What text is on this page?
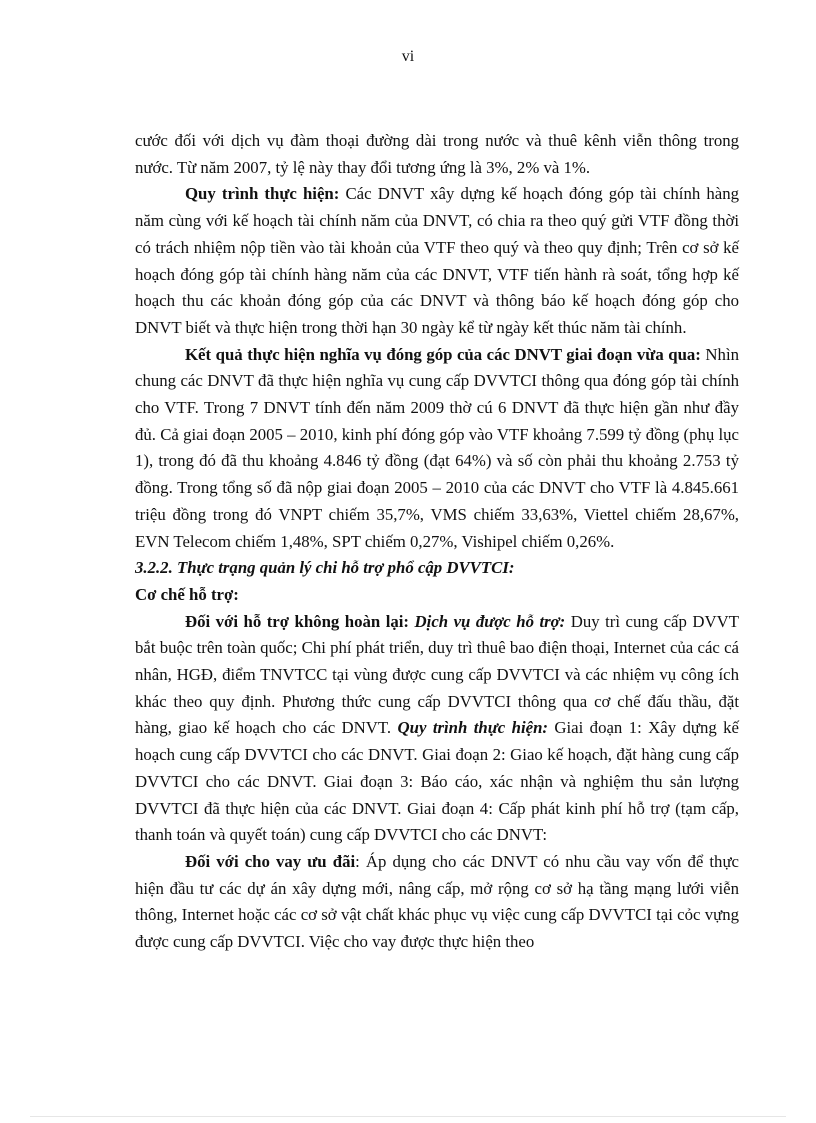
vi

cước đối với dịch vụ đàm thoại đường dài trong nước và thuê kênh viễn thông trong nước. Từ năm 2007, tỷ lệ này thay đổi tương ứng là 3%, 2% và 1%.

Quy trình thực hiện: Các DNVT xây dựng kế hoạch đóng góp tài chính hàng năm cùng với kế hoạch tài chính năm của DNVT, có chia ra theo quý gửi VTF đồng thời có trách nhiệm nộp tiền vào tài khoản của VTF theo quý và theo quy định; Trên cơ sở kế hoạch đóng góp tài chính hàng năm của các DNVT, VTF tiến hành rà soát, tổng hợp kế hoạch thu các khoản đóng góp của các DNVT và thông báo kế hoạch đóng góp cho DNVT biết và thực hiện trong thời hạn 30 ngày kể từ ngày kết thúc năm tài chính.

Kết quả thực hiện nghĩa vụ đóng góp của các DNVT giai đoạn vừa qua: Nhìn chung các DNVT đã thực hiện nghĩa vụ cung cấp DVVTCI thông qua đóng góp tài chính cho VTF. Trong 7 DNVT tính đến năm 2009 thờ cú 6 DNVT đã thực hiện gần như đầy đủ. Cả giai đoạn 2005 – 2010, kinh phí đóng góp vào VTF khoảng 7.599 tỷ đồng (phụ lục 1), trong đó đã thu khoảng 4.846 tỷ đồng (đạt 64%) và số còn phải thu khoảng 2.753 tỷ đồng. Trong tổng số đã nộp giai đoạn 2005 – 2010 của các DNVT cho VTF là 4.845.661 triệu đồng trong đó VNPT chiếm 35,7%, VMS chiếm 33,63%, Viettel chiếm 28,67%, EVN Telecom chiếm 1,48%, SPT chiếm 0,27%, Vishipel chiếm 0,26%.

3.2.2. Thực trạng quản lý chi hỗ trợ phổ cập DVVTCI:

Cơ chế hỗ trợ:

Đối với hỗ trợ không hoàn lại: Dịch vụ được hỗ trợ: Duy trì cung cấp DVVT bắt buộc trên toàn quốc; Chi phí phát triển, duy trì thuê bao điện thoại, Internet của các cá nhân, HGĐ, điểm TNVTCC tại vùng được cung cấp DVVTCI và các nhiệm vụ công ích khác theo quy định. Phương thức cung cấp DVVTCI thông qua cơ chế đấu thầu, đặt hàng, giao kế hoạch cho các DNVT. Quy trình thực hiện: Giai đoạn 1: Xây dựng kế hoạch cung cấp DVVTCI cho các DNVT. Giai đoạn 2: Giao kế hoạch, đặt hàng cung cấp DVVTCI cho các DNVT. Giai đoạn 3: Báo cáo, xác nhận và nghiệm thu sản lượng DVVTCI đã thực hiện của các DNVT. Giai đoạn 4: Cấp phát kinh phí hỗ trợ (tạm cấp, thanh toán và quyết toán) cung cấp DVVTCI cho các DNVT:

Đối với cho vay ưu đãi: Áp dụng cho các DNVT có nhu cầu vay vốn để thực hiện đầu tư các dự án xây dựng mới, nâng cấp, mở rộng cơ sở hạ tầng mạng lưới viễn thông, Internet hoặc các cơ sở vật chất khác phục vụ việc cung cấp DVVTCI tại cỏc vựng được cung cấp DVVTCI. Việc cho vay được thực hiện theo
